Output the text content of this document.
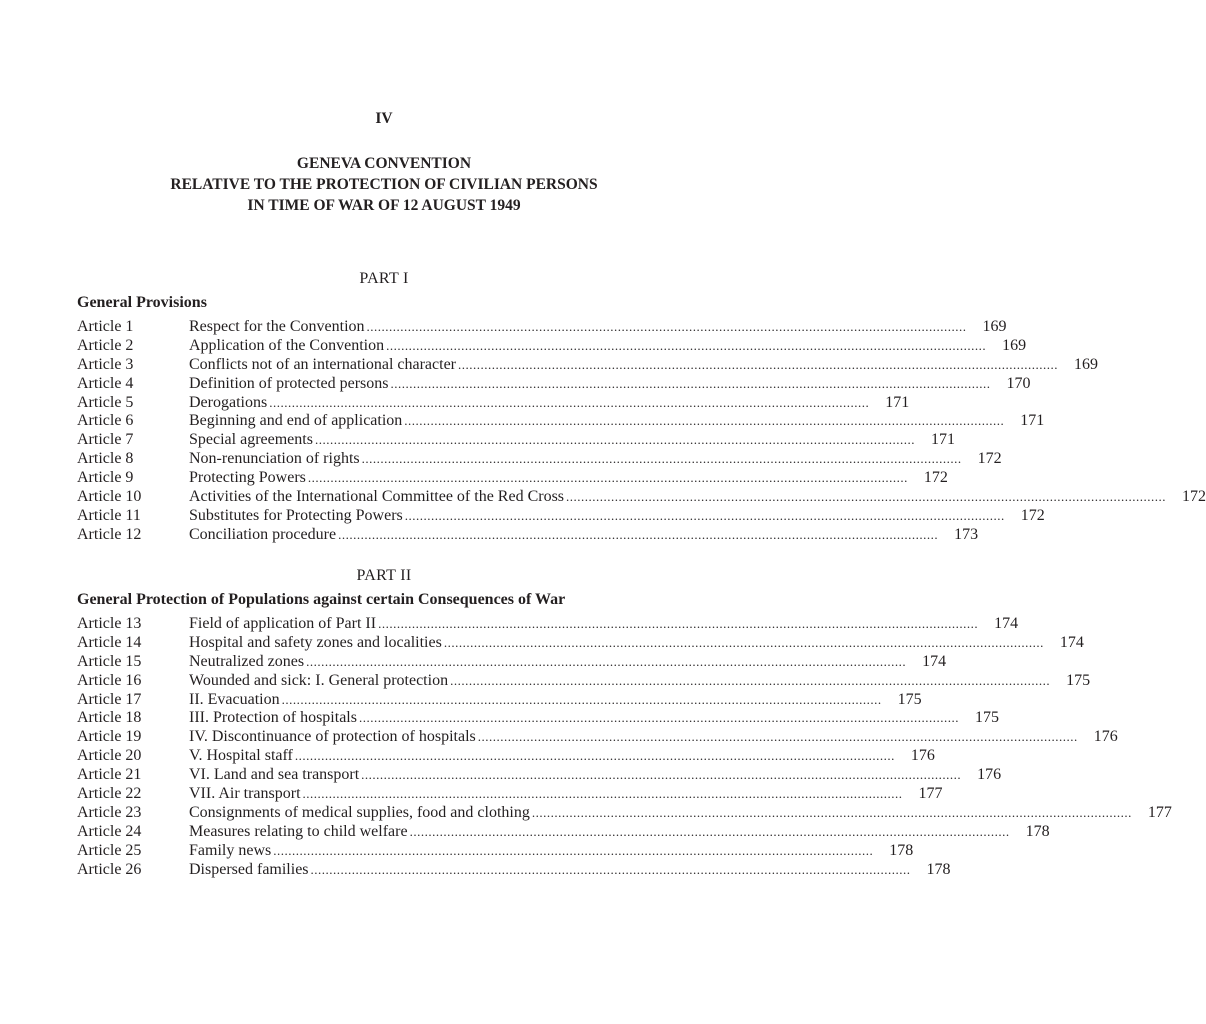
IV
GENEVA CONVENTION
RELATIVE TO THE PROTECTION OF CIVILIAN PERSONS
IN TIME OF WAR OF 12 AUGUST 1949
PART I
General Provisions
Article 1	Respect for the Convention ................................................................................................................................................................	169
Article 2	Application of the Convention ................................................................................................................................................................	169
Article 3	Conflicts not of an international character ................................................................................................................................................................	169
Article 4	Definition of protected persons ................................................................................................................................................................	170
Article 5	Derogations ................................................................................................................................................................	171
Article 6	Beginning and end of application ................................................................................................................................................................	171
Article 7	Special agreements ................................................................................................................................................................	171
Article 8	Non-renunciation of rights ................................................................................................................................................................	172
Article 9	Protecting Powers ................................................................................................................................................................	172
Article 10	Activities of the International Committee of the Red Cross ................................................................................................................................................................	172
Article 11	Substitutes for Protecting Powers ................................................................................................................................................................	172
Article 12	Conciliation procedure ................................................................................................................................................................	173
PART II
General Protection of Populations against certain Consequences of War
Article 13	Field of application of Part II ................................................................................................................................................................	174
Article 14	Hospital and safety zones and localities ................................................................................................................................................................	174
Article 15	Neutralized zones ................................................................................................................................................................	174
Article 16	Wounded and sick: I. General protection ................................................................................................................................................................	175
Article 17	II. Evacuation ................................................................................................................................................................	175
Article 18	III. Protection of hospitals ................................................................................................................................................................	175
Article 19	IV. Discontinuance of protection of hospitals ................................................................................................................................................................	176
Article 20	V. Hospital staff ................................................................................................................................................................	176
Article 21	VI. Land and sea transport ................................................................................................................................................................	176
Article 22	VII. Air transport ................................................................................................................................................................	177
Article 23	Consignments of medical supplies, food and clothing ................................................................................................................................................................	177
Article 24	Measures relating to child welfare ................................................................................................................................................................	178
Article 25	Family news ................................................................................................................................................................	178
Article 26	Dispersed families ................................................................................................................................................................	178
